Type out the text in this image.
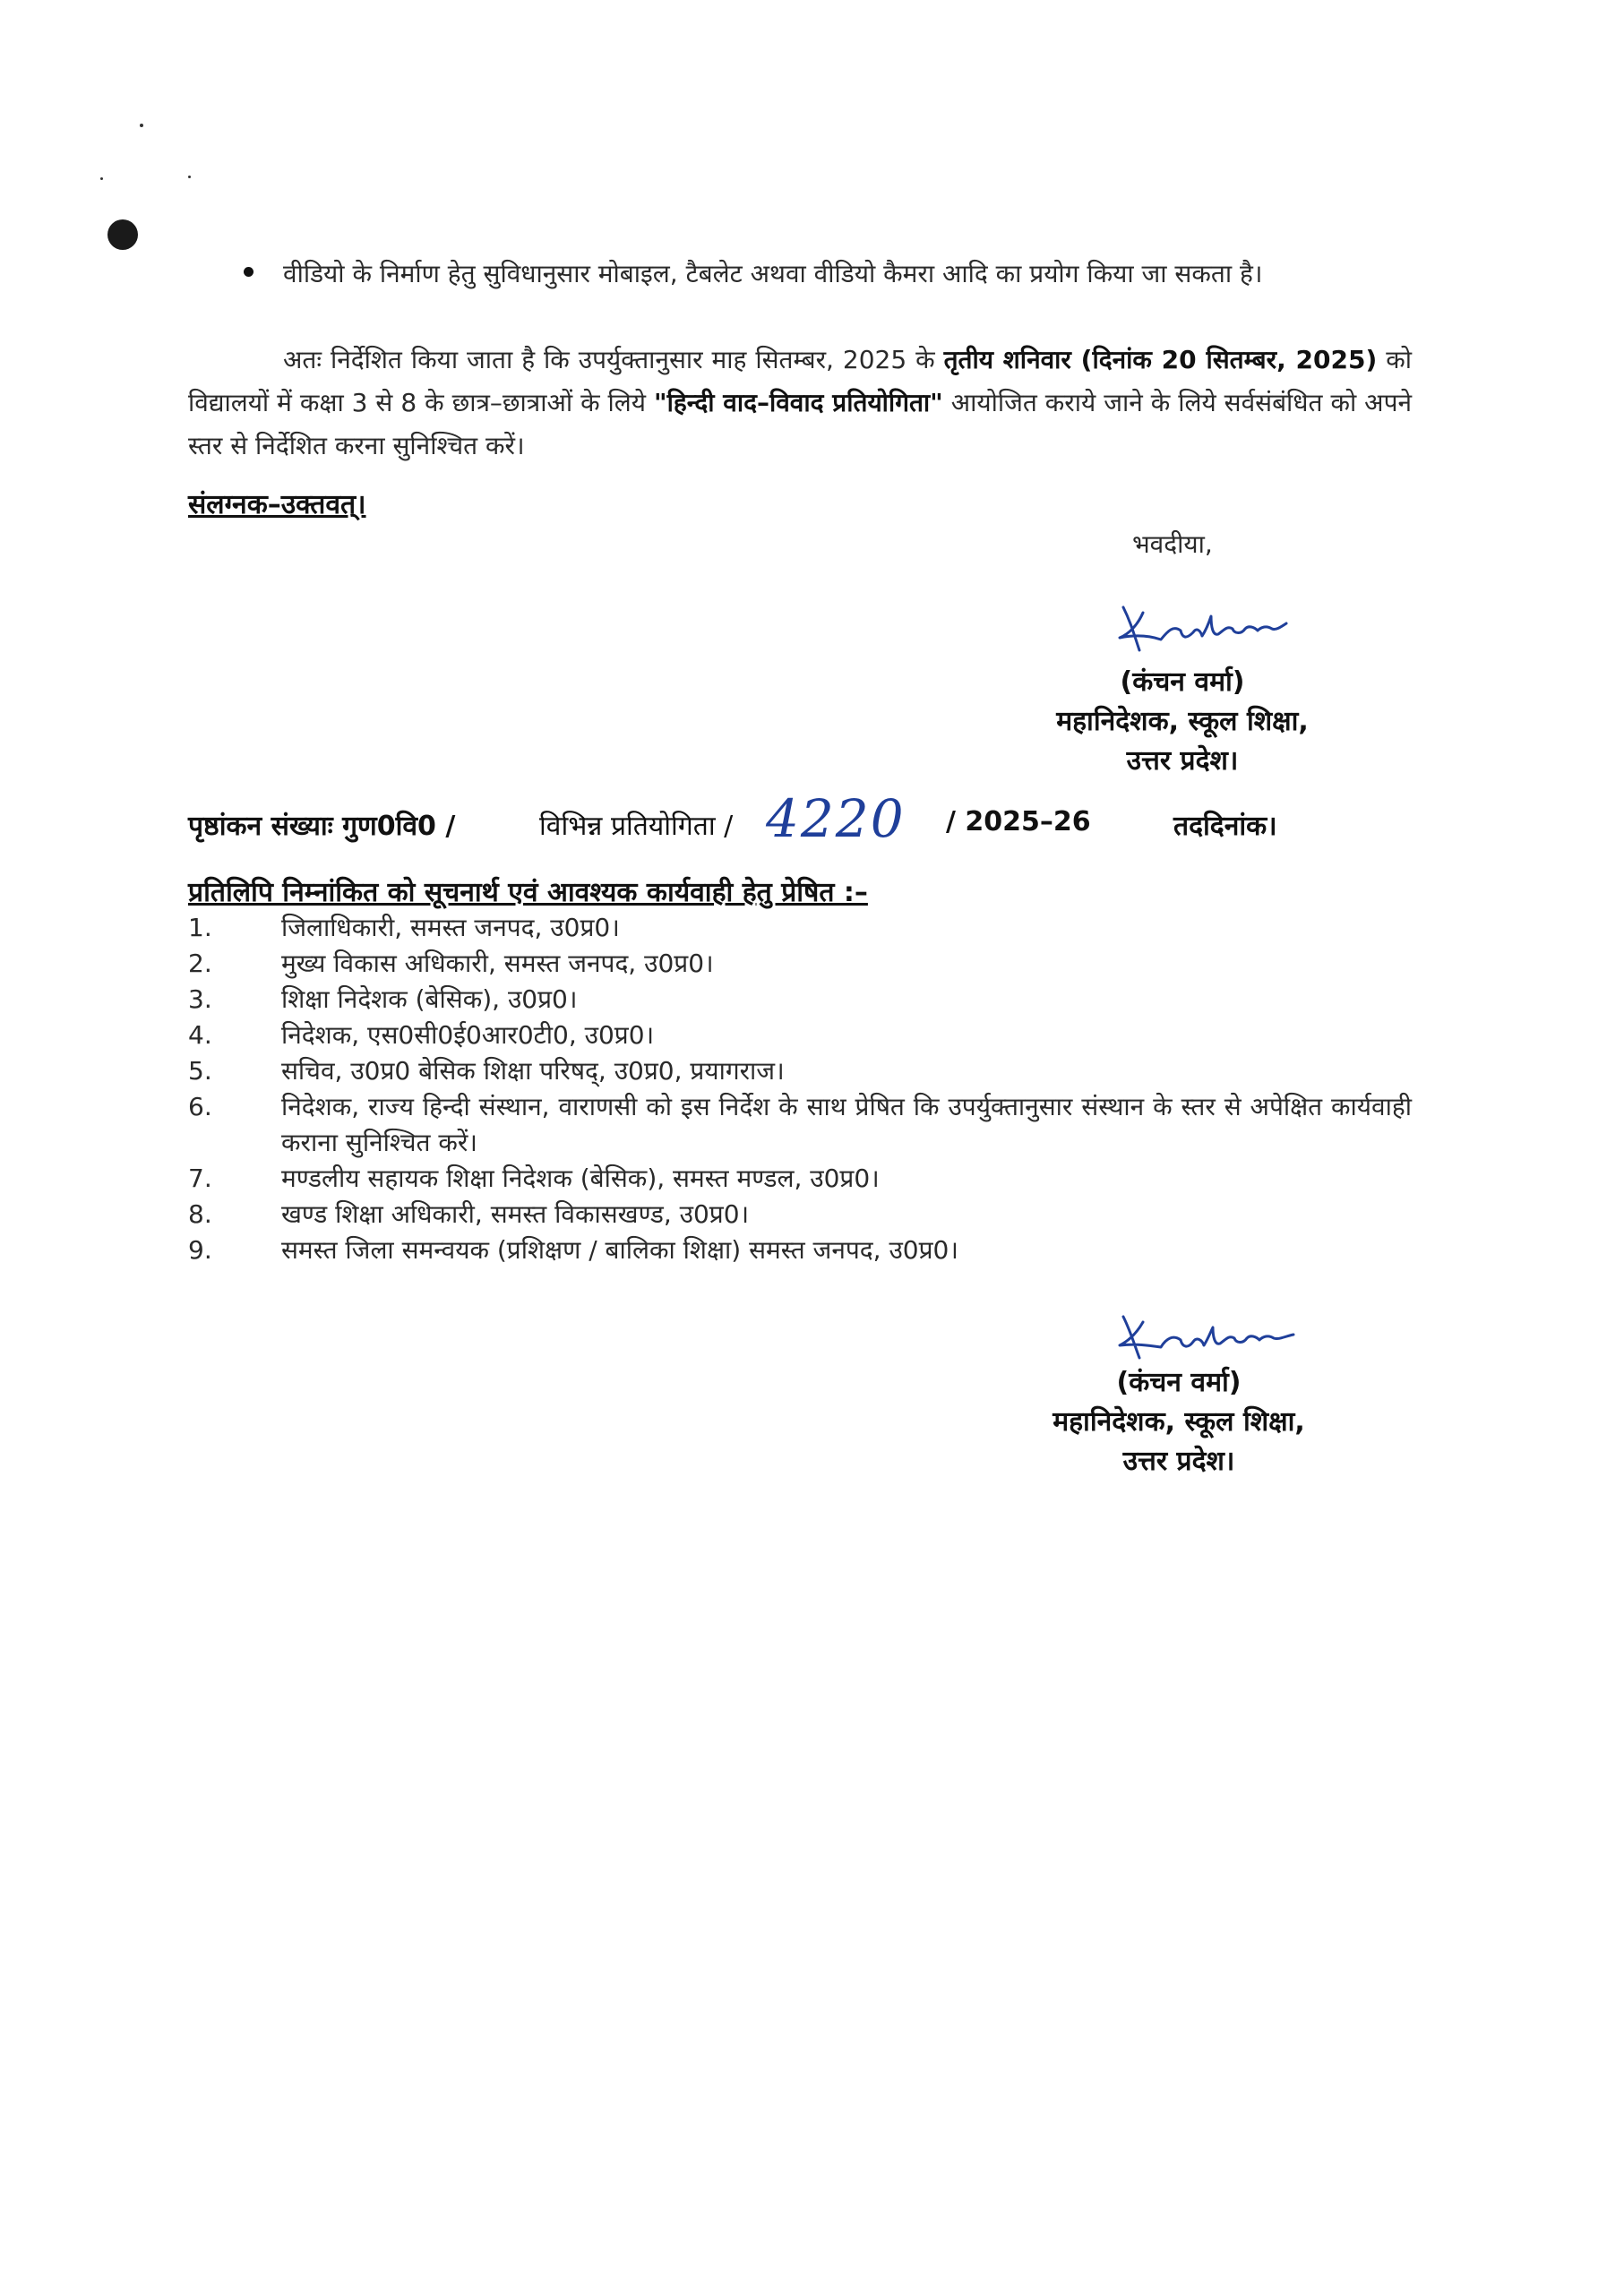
वीडियो के निर्माण हेतु सुविधानुसार मोबाइल, टैबलेट अथवा वीडियो कैमरा आदि का प्रयोग किया जा सकता है।
अतः निर्देशित किया जाता है कि उपर्युक्तानुसार माह सितम्बर, 2025 के तृतीय शनिवार (दिनांक 20 सितम्बर, 2025) को विद्यालयों में कक्षा 3 से 8 के छात्र–छात्राओं के लिये "हिन्दी वाद–विवाद प्रतियोगिता" आयोजित कराये जाने के लिये सर्वसंबंधित को अपने स्तर से निर्देशित करना सुनिश्चित करें।
संलग्नक–उक्तवत्।
भवदीया,
(कंचन वर्मा)
महानिदेशक, स्कूल शिक्षा,
उत्तर प्रदेश।
पृष्ठांकन संख्याः गुण0वि0 /	विभिन्न प्रतियोगिता / 4220 / 2025–26	तददिनांक।
प्रतिलिपि निम्नांकित को सूचनार्थ एवं आवश्यक कार्यवाही हेतु प्रेषित :–
1.	जिलाधिकारी, समस्त जनपद, उ0प्र0।
2.	मुख्य विकास अधिकारी, समस्त जनपद, उ0प्र0।
3.	शिक्षा निदेशक (बेसिक), उ0प्र0।
4.	निदेशक, एस0सी0ई0आर0टी0, उ0प्र0।
5.	सचिव, उ0प्र0 बेसिक शिक्षा परिषद्, उ0प्र0, प्रयागराज।
6.	निदेशक, राज्य हिन्दी संस्थान, वाराणसी को इस निर्देश के साथ प्रेषित कि उपर्युक्तानुसार संस्थान के स्तर से अपेक्षित कार्यवाही कराना सुनिश्चित करें।
7.	मण्डलीय सहायक शिक्षा निदेशक (बेसिक), समस्त मण्डल, उ0प्र0।
8.	खण्ड शिक्षा अधिकारी, समस्त विकासखण्ड, उ0प्र0।
9.	समस्त जिला समन्वयक (प्रशिक्षण / बालिका शिक्षा) समस्त जनपद, उ0प्र0।
(कंचन वर्मा)
महानिदेशक, स्कूल शिक्षा,
उत्तर प्रदेश।
